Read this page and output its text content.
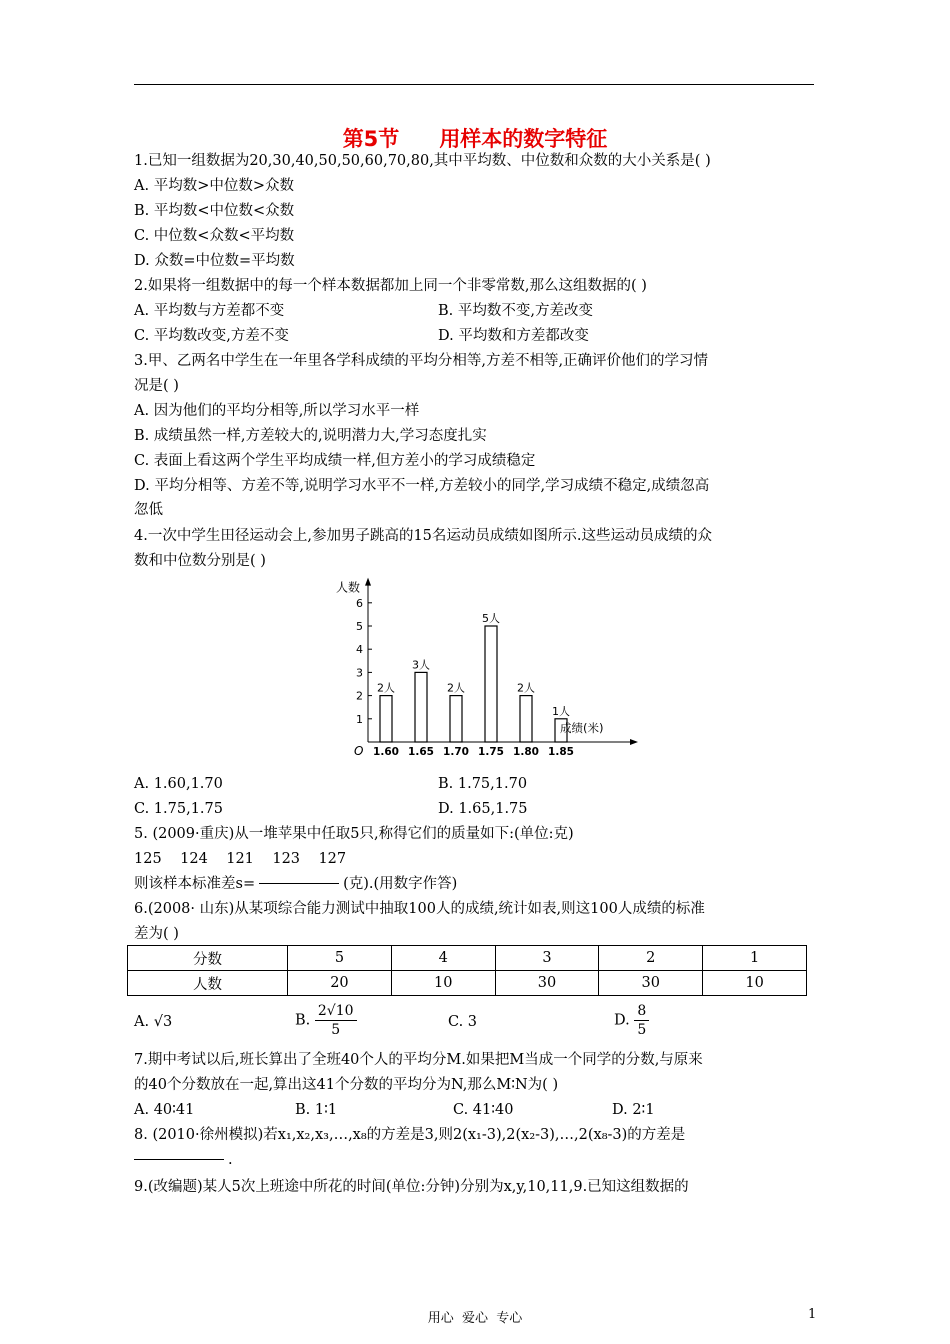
第5节 用样本的数字特征
1.已知一组数据为20,30,40,50,50,60,70,80,其中平均数、中位数和众数的大小关系是( )
A. 平均数>中位数>众数
B. 平均数<中位数<众数
C. 中位数<众数<平均数
D. 众数=中位数=平均数
2.如果将一组数据中的每一个样本数据都加上同一个非零常数,那么这组数据的( )
A. 平均数与方差都不变	B. 平均数不变,方差改变
C. 平均数改变,方差不变	D. 平均数和方差都改变
3.甲、乙两名中学生在一年里各学科成绩的平均分相等,方差不相等,正确评价他们的学习情
况是( )
A. 因为他们的平均分相等,所以学习水平一样
B. 成绩虽然一样,方差较大的,说明潜力大,学习态度扎实
C. 表面上看这两个学生平均成绩一样,但方差小的学习成绩稳定
D. 平均分相等、方差不等,说明学习水平不一样,方差较小的同学,学习成绩不稳定,成绩忽高
忽低
4.一次中学生田径运动会上,参加男子跳高的15名运动员成绩如图所示.这些运动员成绩的众
数和中位数分别是( )
人数
成绩(米)
O
1
2
3
4
5
6
2人
1.60
3人
1.65
2人
1.70
5人
1.75
2人
1.80
1人
1.85
A. 1.60,1.70	B. 1.75,1.70
C. 1.75,1.75	D. 1.65,1.75
5. (2009·重庆)从一堆苹果中任取5只,称得它们的质量如下:(单位:克)
125    124    121    123    127
则该样本标准差s=	(克).(用数字作答)
6.(2008· 山东)从某项综合能力测试中抽取100人的成绩,统计如表,则这100人成绩的标准
差为( )
分数	5	4	3	2	1
人数	20	10	30	30	10
A. √3	B. $\frac{2√10}{5}$	C. 3	D. $\frac{8}{5}$
7.期中考试以后,班长算出了全班40个人的平均分M.如果把M当成一个同学的分数,与原来
的40个分数放在一起,算出这41个分数的平均分为N,那么M∶N为( )
A. 40∶41	B. 1∶1	C. 41∶40	D. 2∶1
8. (2010·徐州模拟)若x₁,x₂,x₃,…,x₈的方差是3,则2(x₁-3),2(x₂-3),…,2(x₈-3)的方差是
.
9.(改编题)某人5次上班途中所花的时间(单位:分钟)分别为x,y,10,11,9.已知这组数据的
用心  爱心  专心	1
